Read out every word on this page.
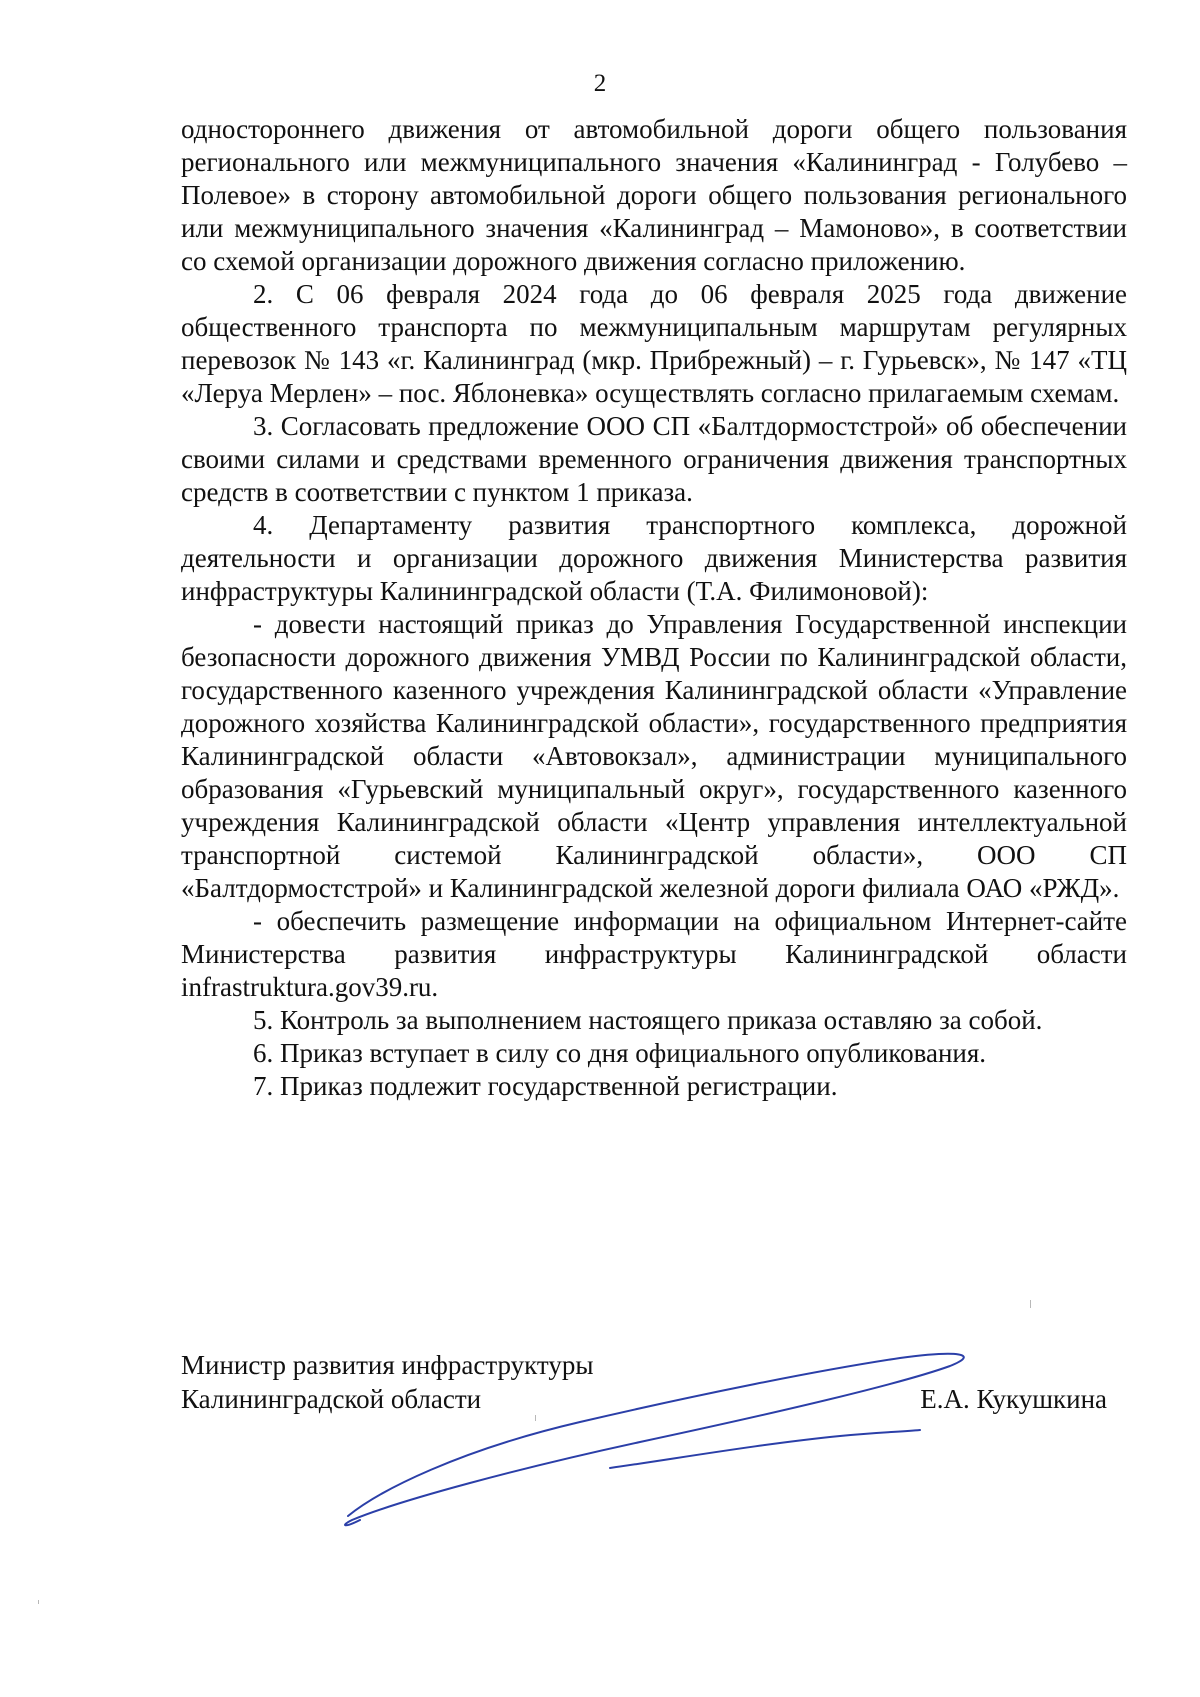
2

одностороннего движения от автомобильной дороги общего пользования регионального или межмуниципального значения «Калининград - Голубево – Полевое» в сторону автомобильной дороги общего пользования регионального или межмуниципального значения «Калининград – Мамоново», в соответствии со схемой организации дорожного движения согласно приложению.

2. С 06 февраля 2024 года до 06 февраля 2025 года движение общественного транспорта по межмуниципальным маршрутам регулярных перевозок № 143 «г. Калининград (мкр. Прибрежный) – г. Гурьевск», № 147 «ТЦ «Леруа Мерлен» – пос. Яблоневка» осуществлять согласно прилагаемым схемам.

3. Согласовать предложение ООО СП «Балтдормостстрой» об обеспечении своими силами и средствами временного ограничения движения транспортных средств в соответствии с пунктом 1 приказа.

4. Департаменту развития транспортного комплекса, дорожной деятельности и организации дорожного движения Министерства развития инфраструктуры Калининградской области (Т.А. Филимоновой):

- довести настоящий приказ до Управления Государственной инспекции безопасности дорожного движения УМВД России по Калининградской области, государственного казенного учреждения Калининградской области «Управление дорожного хозяйства Калининградской области», государственного предприятия Калининградской области «Автовокзал», администрации муниципального образования «Гурьевский муниципальный округ», государственного казенного учреждения Калининградской области «Центр управления интеллектуальной транспортной системой Калининградской области», ООО СП «Балтдормостстрой» и Калининградской железной дороги филиала ОАО «РЖД».

- обеспечить размещение информации на официальном Интернет-сайте Министерства развития инфраструктуры Калининградской области infrastruktura.gov39.ru.

5. Контроль за выполнением настоящего приказа оставляю за собой.

6. Приказ вступает в силу со дня официального опубликования.

7. Приказ подлежит государственной регистрации.

Министр развития инфраструктуры
Калининградской области	Е.А. Кукушкина
